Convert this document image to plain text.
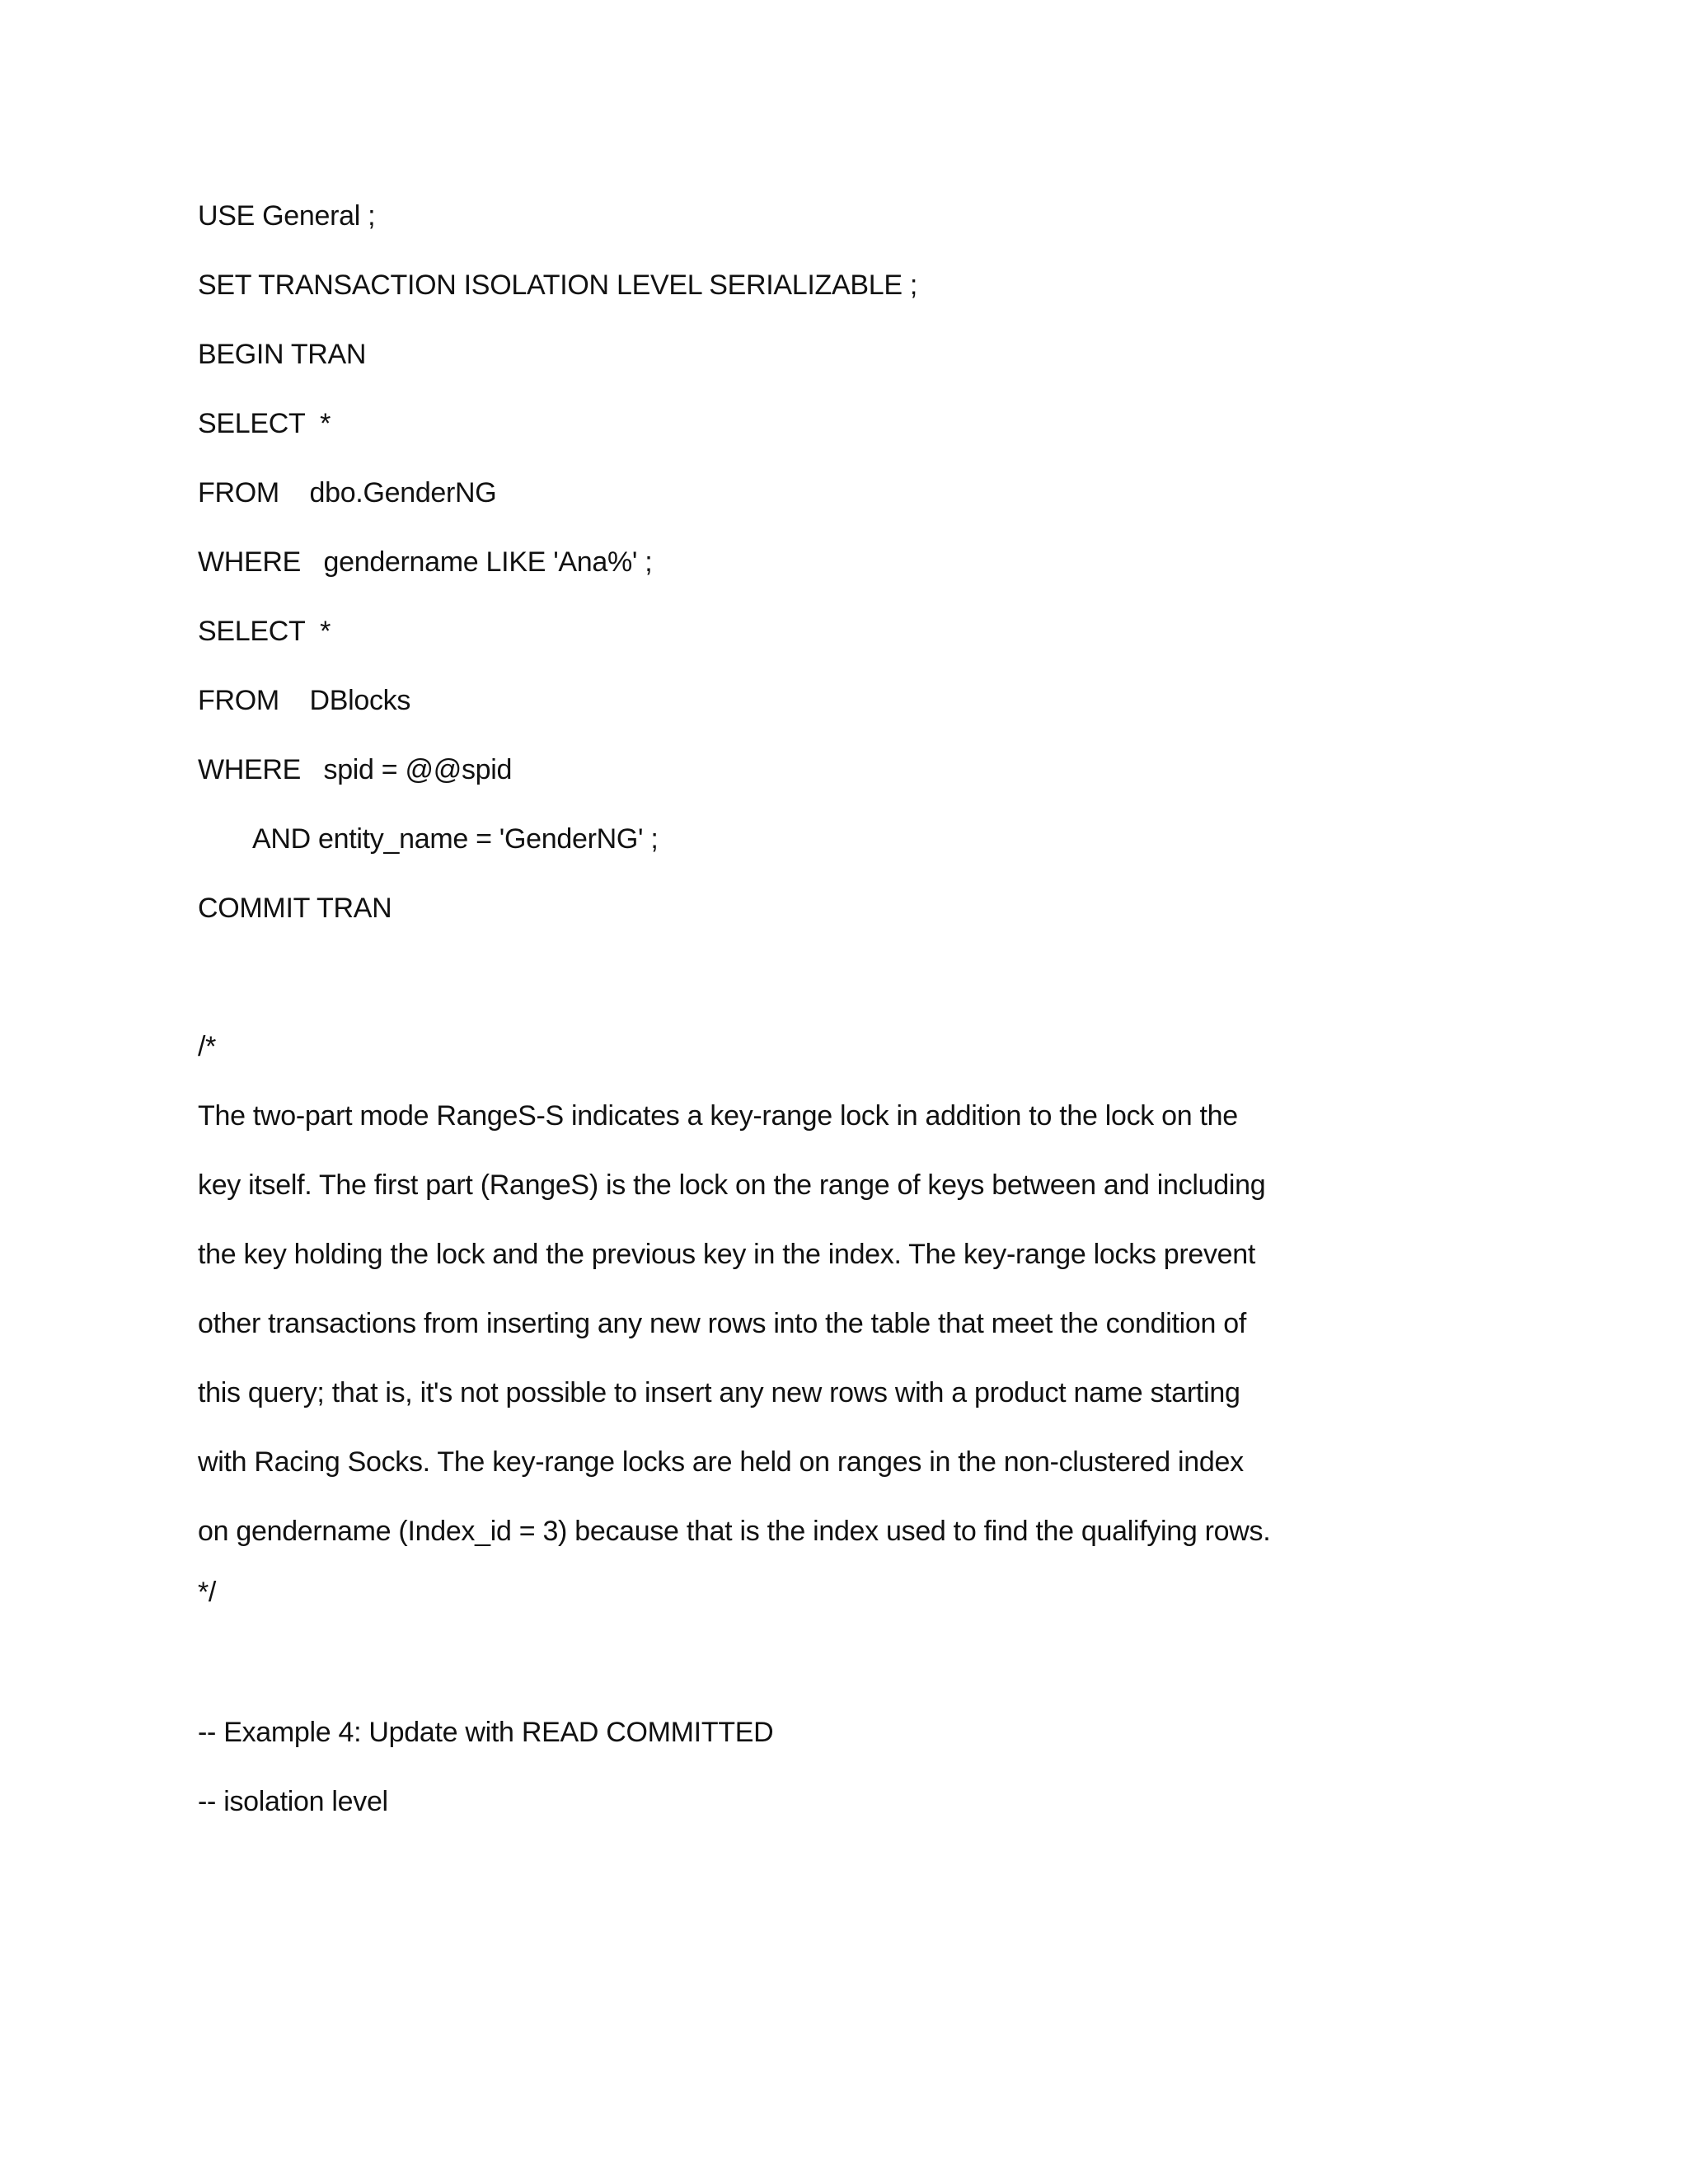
USE General ;
SET TRANSACTION ISOLATION LEVEL SERIALIZABLE ;
BEGIN TRAN
SELECT  *
FROM    dbo.GenderNG
WHERE   gendername LIKE 'Ana%' ;
SELECT  *
FROM    DBlocks
WHERE   spid = @@spid
AND entity_name = 'GenderNG' ;
COMMIT TRAN
/*
The two-part mode RangeS-S indicates a key-range lock in addition to the lock on the
key itself. The first part (RangeS) is the lock on the range of keys between and including
the key holding the lock and the previous key in the index. The key-range locks prevent
other transactions from inserting any new rows into the table that meet the condition of
this query; that is, it's not possible to insert any new rows with a product name starting
with Racing Socks. The key-range locks are held on ranges in the non-clustered index
on gendername (Index_id = 3) because that is the index used to find the qualifying rows.
*/
-- Example 4: Update with READ COMMITTED
-- isolation level
